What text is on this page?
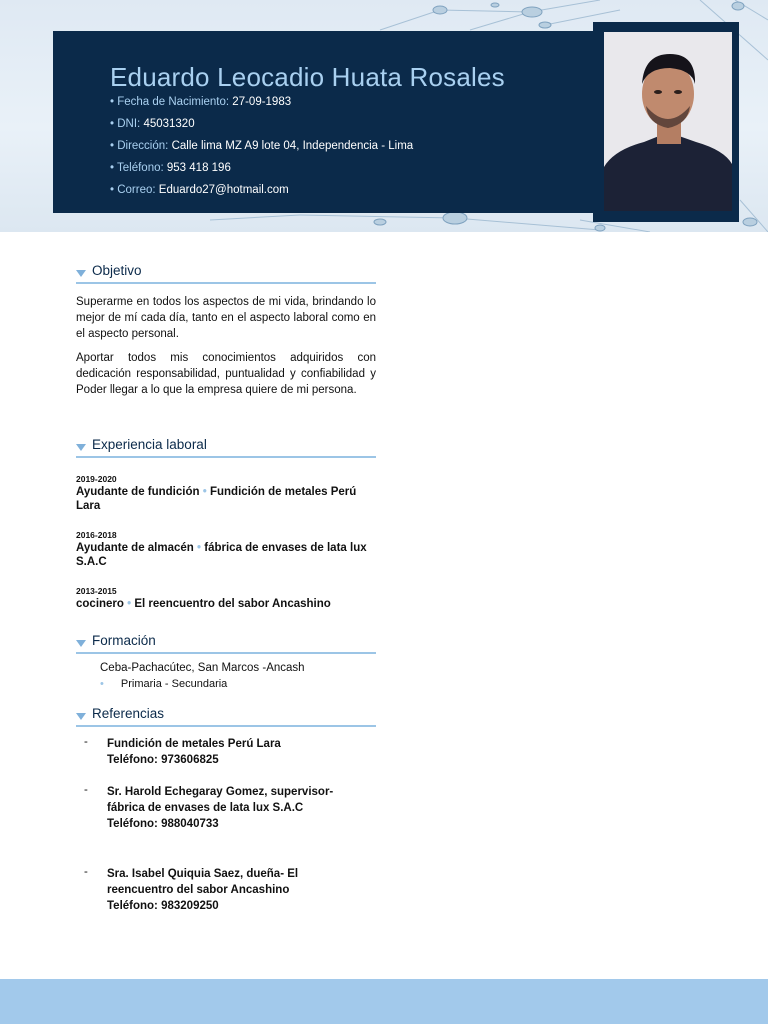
Eduardo Leocadio Huata Rosales
• Fecha de Nacimiento: 27-09-1983
• DNI: 45031320
• Dirección: Calle lima MZ A9 lote 04, Independencia - Lima
• Teléfono: 953 418 196
• Correo: Eduardo27@hotmail.com
Objetivo
Superarme en todos los aspectos de mi vida, brindando lo mejor de mí cada día, tanto en el aspecto laboral como en el aspecto personal.
Aportar todos mis conocimientos adquiridos con dedicación responsabilidad, puntualidad y confiabilidad y Poder llegar a lo que la empresa quiere de mi persona.
Experiencia laboral
2019-2020
Ayudante de fundición • Fundición de metales Perú Lara
2016-2018
Ayudante de almacén • fábrica de envases de lata lux S.A.C
2013-2015
cocinero • El reencuentro del sabor Ancashino
Formación
Ceba-Pachacútec, San Marcos -Ancash
• Primaria - Secundaria
Referencias
- Fundición de metales Perú Lara
Teléfono: 973606825
- Sr. Harold Echegaray Gomez, supervisor-
fábrica de envases de lata lux S.A.C
Teléfono: 988040733
- Sra. Isabel Quiquia Saez, dueña- El
reencuentro del sabor Ancashino
Teléfono: 983209250
